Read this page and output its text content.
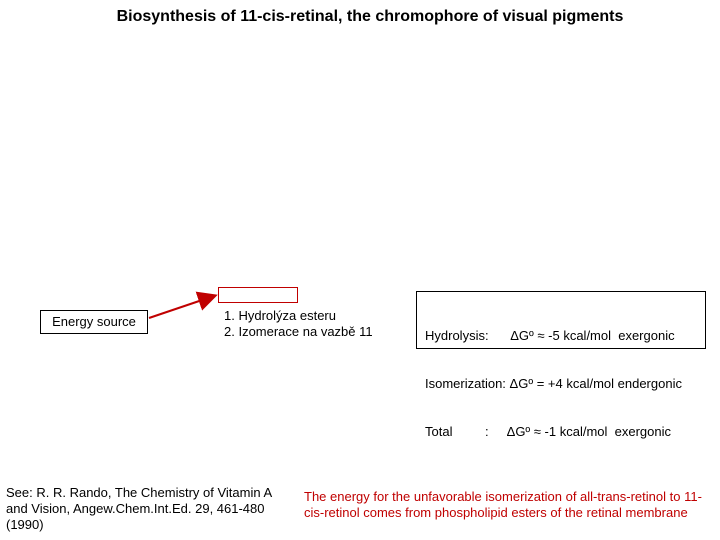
Biosynthesis of 11-cis-retinal, the chromophore of visual pigments
Energy source	1. Hydrolýza esteru
2. Izomerace na vazbě 11

	Hydrolysis:      ΔGº ≈ -5 kcal/mol  exergonic

Isomerization: ΔGº = +4 kcal/mol endergonic

Total         :     ΔGº ≈ -1 kcal/mol  exergonic

See: R. R. Rando, The Chemistry of Vitamin A and Vision, Angew.Chem.Int.Ed. 29, 461-480 (1990)
The energy for the unfavorable isomerization of all-trans-retinol to 11-cis-retinol comes from phospholipid esters of the retinal membrane
